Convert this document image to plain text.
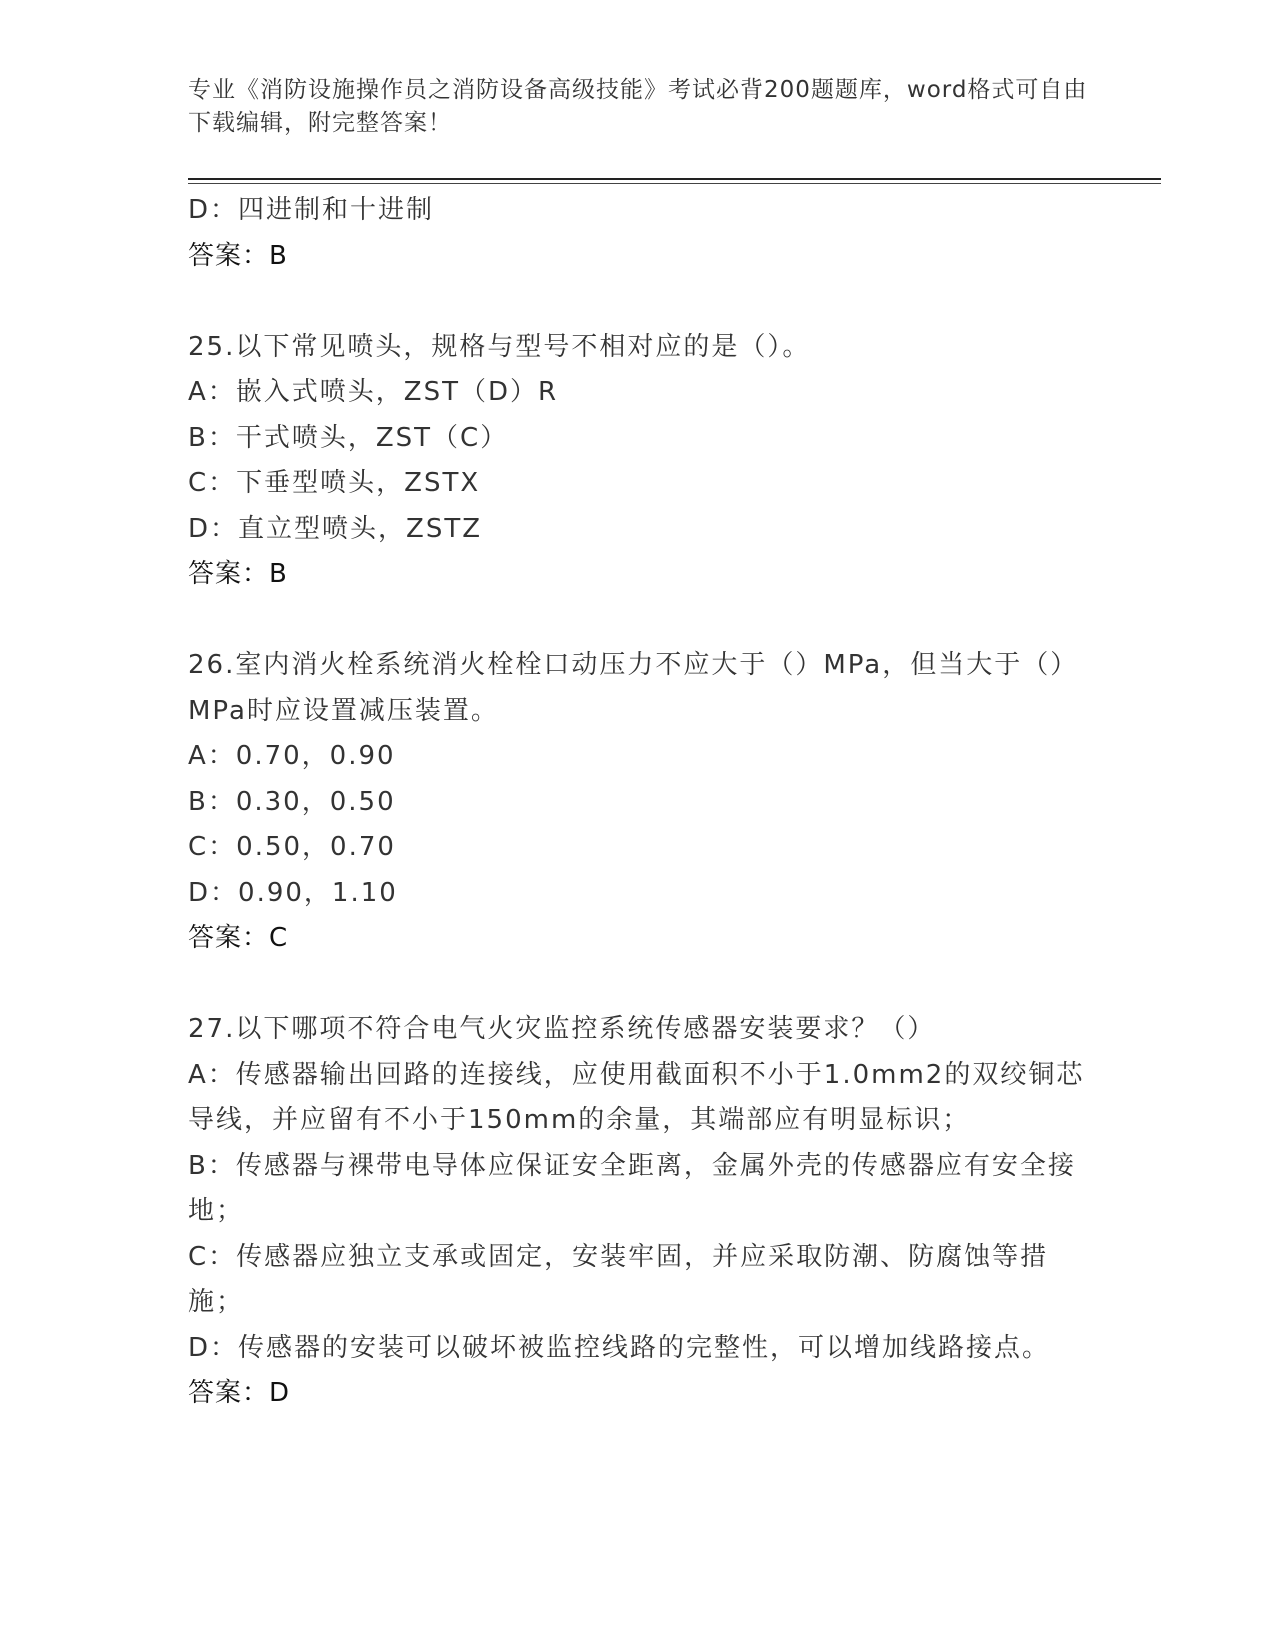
专业《消防设施操作员之消防设备高级技能》考试必背200题题库，word格式可自由下载编辑，附完整答案！
D：四进制和十进制
答案：B
25.以下常见喷头，规格与型号不相对应的是（）。
A：嵌入式喷头，ZST（D）R
B：干式喷头，ZST（C）
C：下垂型喷头，ZSTX
D：直立型喷头，ZSTZ
答案：B
26.室内消火栓系统消火栓栓口动压力不应大于（）MPa，但当大于（）MPa时应设置减压装置。
A：0.70，0.90
B：0.30，0.50
C：0.50，0.70
D：0.90，1.10
答案：C
27.以下哪项不符合电气火灾监控系统传感器安装要求？（）
A：传感器输出回路的连接线，应使用截面积不小于1.0mm2的双绞铜芯导线，并应留有不小于150mm的余量，其端部应有明显标识；
B：传感器与裸带电导体应保证安全距离，金属外壳的传感器应有安全接地；
C：传感器应独立支承或固定，安装牢固，并应采取防潮、防腐蚀等措施；
D：传感器的安装可以破坏被监控线路的完整性，可以增加线路接点。
答案：D
